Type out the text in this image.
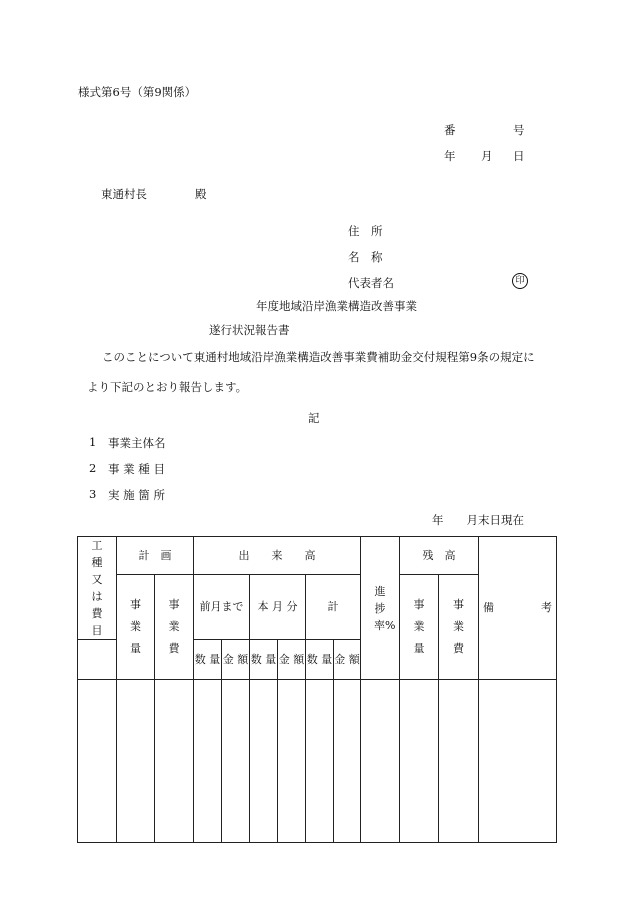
様式第6号（第9関係）
番	号
年 月 日
東通村長	殿
住　所
名　称
代表者名	印
年度地域沿岸漁業構造改善事業
遂行状況報告書
このことについて東通村地域沿岸漁業構造改善事業費補助金交付規程第9条の規定に
より下記のとおり報告します。
記
1 事業主体名
2 事 業 種 目
3 実 施 箇 所
年　　月末日現在
工種又は費目	計　画		出　　来　　高						進捗率%	残　高		備 考

	事業量	事業費	前月まで		本 月 分		計			事業量	事業費	
			数 量	金 額	数 量	金 額	数 量	金 額				
